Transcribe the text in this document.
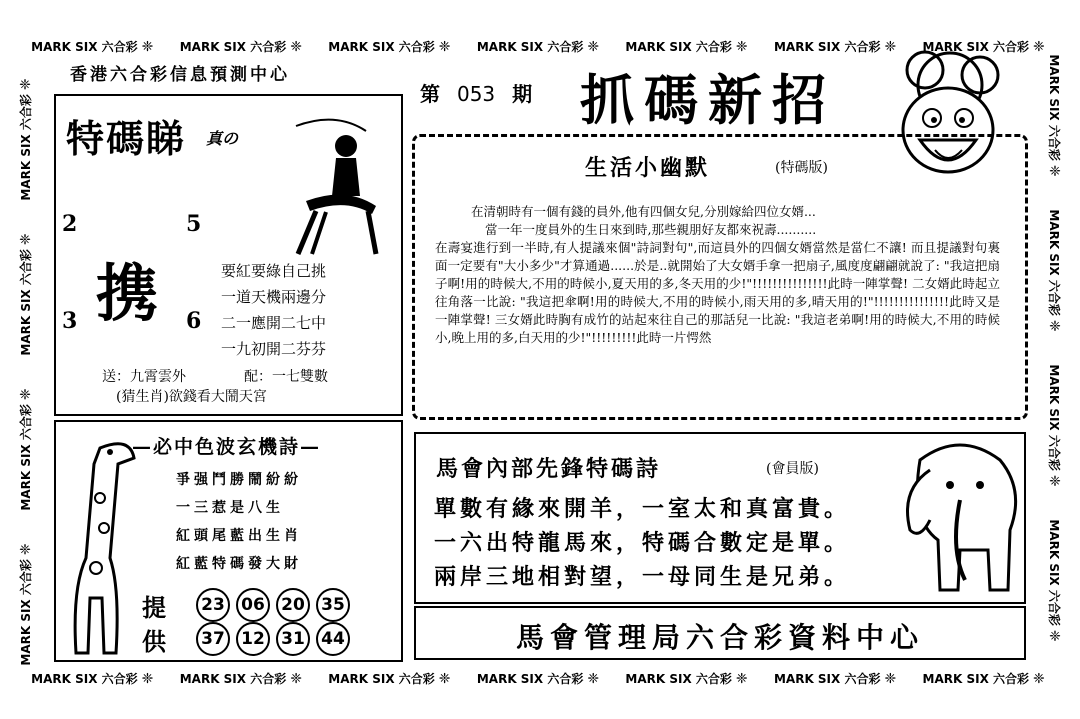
MARK SIX 六合彩 ❈	MARK SIX 六合彩 ❈	MARK SIX 六合彩 ❈	MARK SIX 六合彩 ❈	MARK SIX 六合彩 ❈	MARK SIX 六合彩 ❈	MARK SIX 六合彩 ❈
MARK SIX 六合彩 ❈	MARK SIX 六合彩 ❈	MARK SIX 六合彩 ❈	MARK SIX 六合彩 ❈	MARK SIX 六合彩 ❈	MARK SIX 六合彩 ❈	MARK SIX 六合彩 ❈
MARK SIX 六合彩❈
MARK SIX 六合彩❈
MARK SIX 六合彩❈
MARK SIX 六合彩❈	MARK SIX 六合彩❈
MARK SIX 六合彩❈
MARK SIX 六合彩❈
MARK SIX 六合彩❈
香港六合彩信息預測中心
第 053 期 抓碼新招
特碼睇 真の
2	5
3	6
携	要紅要綠自己挑
一道天機兩邊分
二一應開二七中
一九初開二芬芬
送：九霄雲外	配：一七雙數
(猜生肖)欲錢看大鬧天宮
生活小幽默	(特碼版)
在清朝時有一個有錢的員外,他有四個女兒,分別嫁給四位女婿...
當一年一度員外的生日來到時,那些親朋好友都來祝壽..........
在壽宴進行到一半時,有人提議來個"詩詞對句",而這員外的四個女婿當然是當仁不讓! 而且提議對句裏面一定要有"大小多少"才算通過......於是..就開始了大女婿手拿一把扇子,風度度翩翩就說了: "我這把扇子啊!用的時候大,不用的時候小,夏天用的多,冬天用的少!"!!!!!!!!!!!!!!!此時一陣掌聲! 二女婿此時起立往角落一比說: "我這把傘啊!用的時候大,不用的時候小,雨天用的多,晴天用的!"!!!!!!!!!!!!!!!此時又是一陣掌聲! 三女婿此時胸有成竹的站起來往自己的那話兒一比說: "我這老弟啊!用的時候大,不用的時候小,晚上用的多,白天用的少!"!!!!!!!!!此時一片愕然
—必中色波玄機詩—
爭强鬥勝鬧紛紛
一三惹是八生
紅頭尾藍出生肖
紅藍特碼發大財
提
供
23 06 20 35
37 12 31 44
馬會內部先鋒特碼詩	(會員版)
單數有緣來開羊，一室太和真富貴。
一六出特龍馬來，特碼合數定是單。
兩岸三地相對望，一母同生是兄弟。
馬會管理局六合彩資料中心
